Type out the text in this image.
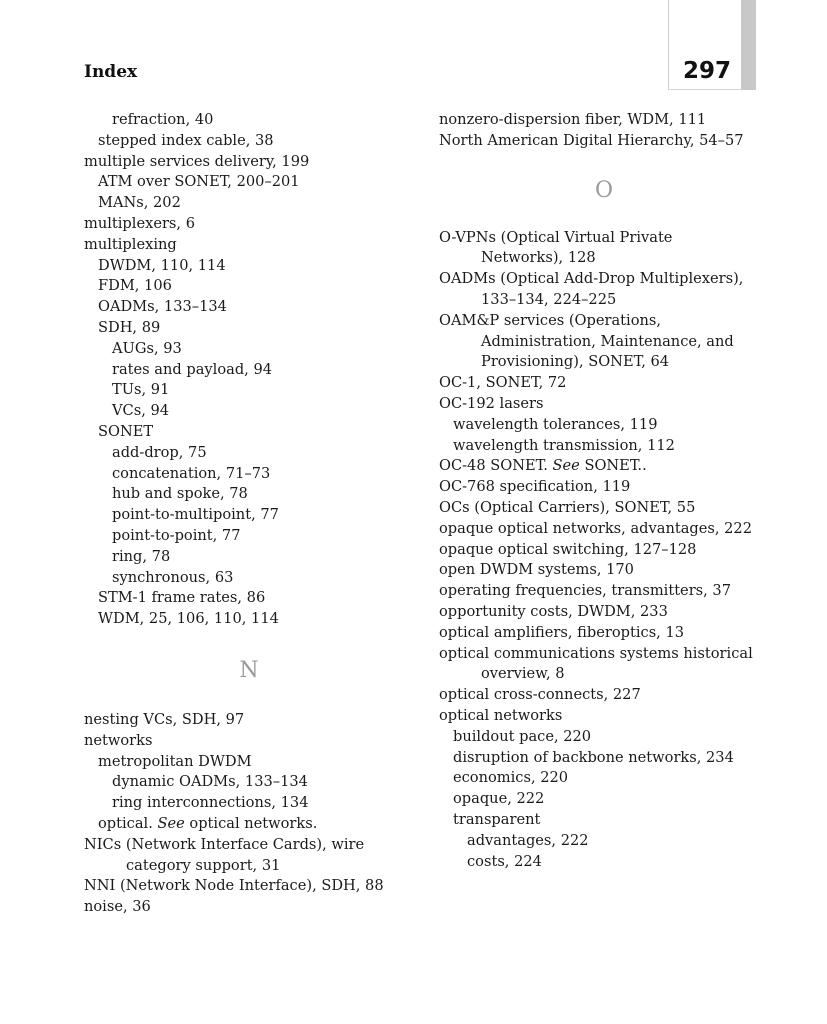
Index	297
refraction, 40
stepped index cable, 38
multiple services delivery, 199
ATM over SONET, 200–201
MANs, 202
multiplexers, 6
multiplexing
DWDM, 110, 114
FDM, 106
OADMs, 133–134
SDH, 89
AUGs, 93
rates and payload, 94
TUs, 91
VCs, 94
SONET
add-drop, 75
concatenation, 71–73
hub and spoke, 78
point-to-multipoint, 77
point-to-point, 77
ring, 78
synchronous, 63
STM-1 frame rates, 86
WDM, 25, 106, 110, 114
N
nesting VCs, SDH, 97
networks
metropolitan DWDM
dynamic OADMs, 133–134
ring interconnections, 134
optical. See optical networks.
NICs (Network Interface Cards), wire
category support, 31
NNI (Network Node Interface), SDH, 88
noise, 36
nonzero-dispersion fiber, WDM, 111
North American Digital Hierarchy, 54–57
O
O-VPNs (Optical Virtual Private
Networks), 128
OADMs (Optical Add-Drop Multiplexers),
133–134, 224–225
OAM&P services (Operations,
Administration, Maintenance, and
Provisioning), SONET, 64
OC-1, SONET, 72
OC-192 lasers
wavelength tolerances, 119
wavelength transmission, 112
OC-48 SONET. See SONET..
OC-768 specification, 119
OCs (Optical Carriers), SONET, 55
opaque optical networks, advantages, 222
opaque optical switching, 127–128
open DWDM systems, 170
operating frequencies, transmitters, 37
opportunity costs, DWDM, 233
optical amplifiers, fiberoptics, 13
optical communications systems historical
overview, 8
optical cross-connects, 227
optical networks
buildout pace, 220
disruption of backbone networks, 234
economics, 220
opaque, 222
transparent
advantages, 222
costs, 224
